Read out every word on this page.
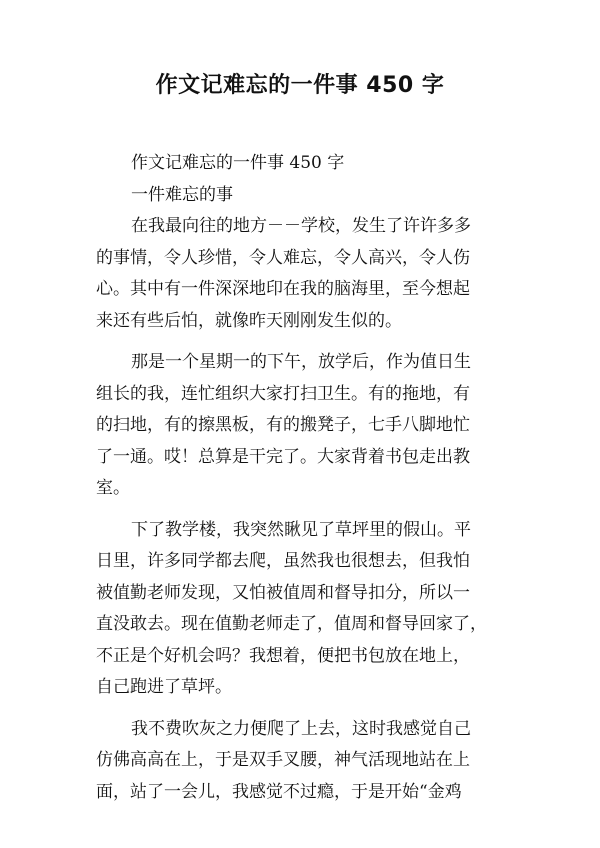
作文记难忘的一件事 450 字
作文记难忘的一件事 450 字
一件难忘的事
在我最向往的地方－－学校，发生了许许多多
的事情，令人珍惜，令人难忘，令人高兴，令人伤
心。其中有一件深深地印在我的脑海里，至今想起
来还有些后怕，就像昨天刚刚发生似的。
那是一个星期一的下午，放学后，作为值日生
组长的我，连忙组织大家打扫卫生。有的拖地，有
的扫地，有的擦黑板，有的搬凳子，七手八脚地忙
了一通。哎！总算是干完了。大家背着书包走出教
室。
下了教学楼，我突然瞅见了草坪里的假山。平
日里，许多同学都去爬，虽然我也很想去，但我怕
被值勤老师发现，又怕被值周和督导扣分，所以一
直没敢去。现在值勤老师走了，值周和督导回家了，
不正是个好机会吗？我想着，便把书包放在地上，
自己跑进了草坪。
我不费吹灰之力便爬了上去，这时我感觉自己
仿佛高高在上，于是双手叉腰，神气活现地站在上
面，站了一会儿，我感觉不过瘾，于是开始“金鸡
